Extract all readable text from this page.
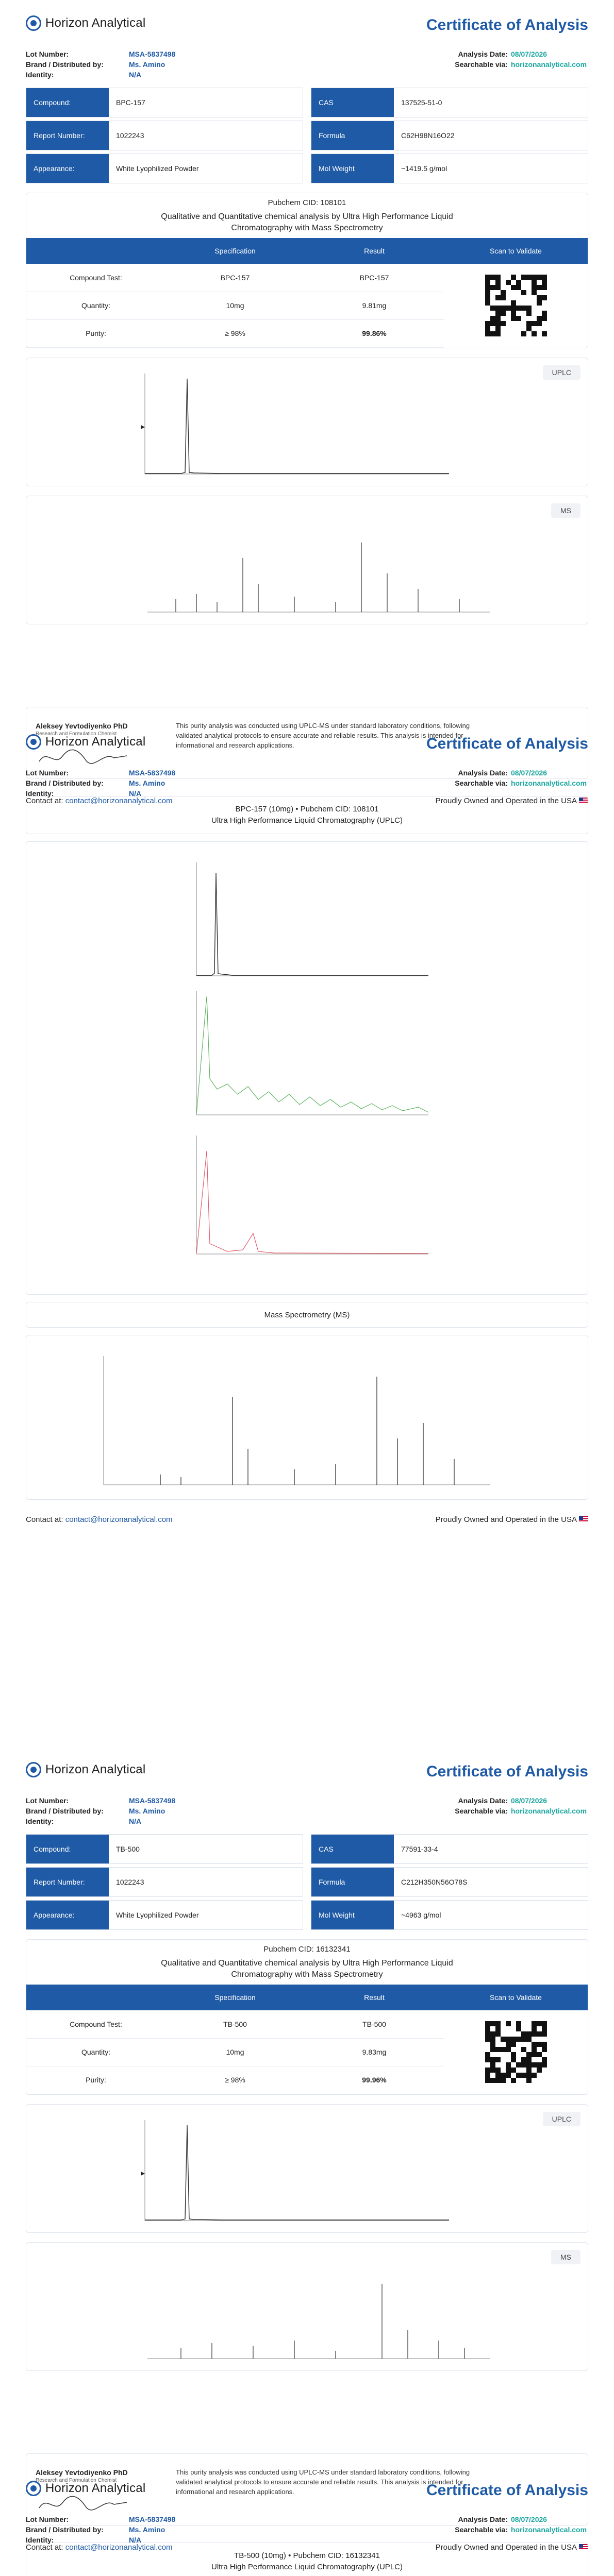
Horizon Analytical	Certificate of Analysis
Lot Number:	MSA-5837498
Brand / Distributed by:	Ms. Amino
Identity:	N/A
Analysis Date: 08/07/2026
Searchable via: horizonanalytical.com
Compound:	BPC-157
Report Number:	1022243
Appearance:	White Lyophilized Powder
CAS	137525-51-0
Formula	C62H98N16O22
Mol Weight	~1419.5 g/mol
Pubchem CID: 108101
Qualitative and Quantitative chemical analysis by Ultra High Performance Liquid Chromatography with Mass Spectrometry
	Specification	Result	Scan to Validate
Compound Test:	BPC-157	BPC-157	

Quantity:	10mg	9.81mg	
Purity:	≥ 98%	99.86%	
UPLC
MS
Aleksey Yevtodiyenko PhD
Research and Formulation Chemist
This purity analysis was conducted using UPLC-MS under standard laboratory conditions, following validated analytical protocols to ensure accurate and reliable results. This analysis is intended for informational and research applications.
Contact at: contact@horizonanalytical.com	Proudly Owned and Operated in the USA
Horizon Analytical	Certificate of Analysis
Lot Number:	MSA-5837498
Brand / Distributed by:	Ms. Amino
Identity:	N/A
Analysis Date: 08/07/2026
Searchable via: horizonanalytical.com
BPC-157 (10mg) • Pubchem CID: 108101
Ultra High Performance Liquid Chromatography (UPLC)
Mass Spectrometry (MS)
Contact at: contact@horizonanalytical.com	Proudly Owned and Operated in the USA
Horizon Analytical	Certificate of Analysis
Lot Number:	MSA-5837498
Brand / Distributed by:	Ms. Amino
Identity:	N/A
Analysis Date: 08/07/2026
Searchable via: horizonanalytical.com
Compound:	TB-500
Report Number:	1022243
Appearance:	White Lyophilized Powder
CAS	77591-33-4
Formula	C212H350N56O78S
Mol Weight	~4963 g/mol
Pubchem CID: 16132341
Qualitative and Quantitative chemical analysis by Ultra High Performance Liquid Chromatography with Mass Spectrometry
	Specification	Result	Scan to Validate
Compound Test:	TB-500	TB-500	

Quantity:	10mg	9.83mg	
Purity:	≥ 98%	99.96%	
UPLC
MS
Aleksey Yevtodiyenko PhD
Research and Formulation Chemist
This purity analysis was conducted using UPLC-MS under standard laboratory conditions, following validated analytical protocols to ensure accurate and reliable results. This analysis is intended for informational and research applications.
Contact at: contact@horizonanalytical.com	Proudly Owned and Operated in the USA
Horizon Analytical	Certificate of Analysis
Lot Number:	MSA-5837498
Brand / Distributed by:	Ms. Amino
Identity:	N/A
Analysis Date: 08/07/2026
Searchable via: horizonanalytical.com
TB-500 (10mg) • Pubchem CID: 16132341
Ultra High Performance Liquid Chromatography (UPLC)
